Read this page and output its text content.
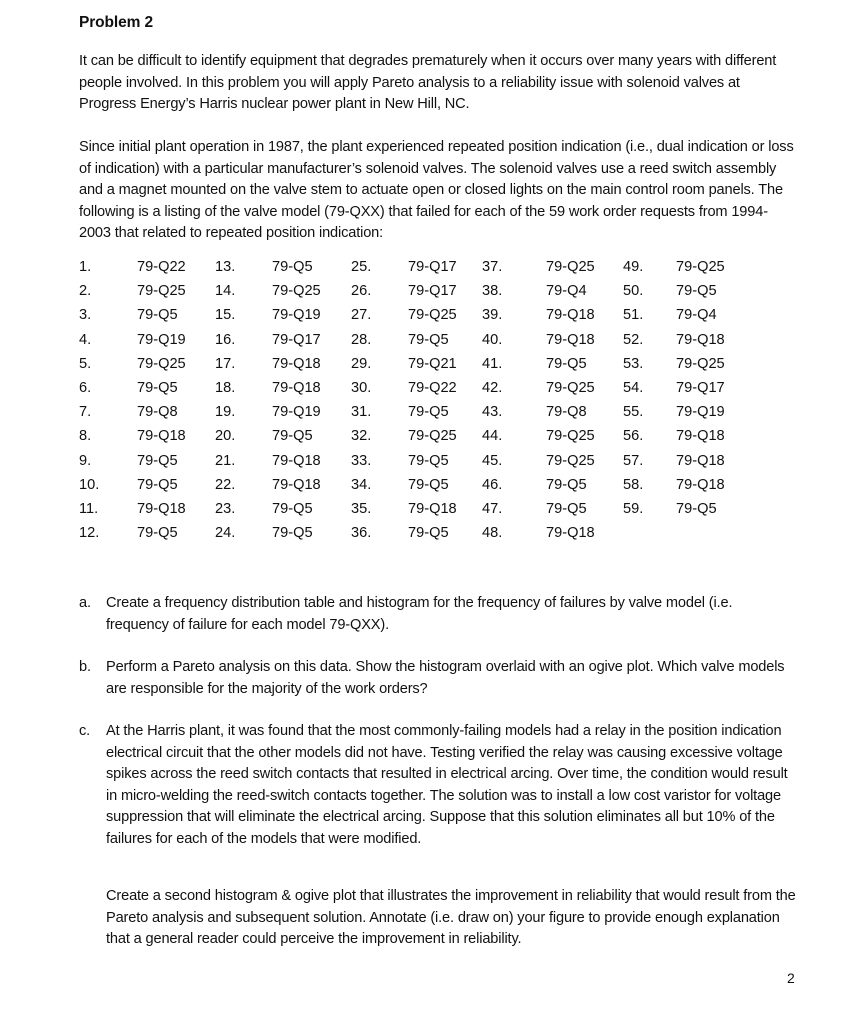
Problem 2

It can be difficult to identify equipment that degrades prematurely when it occurs over many years with different people involved. In this problem you will apply Pareto analysis to a reliability issue with solenoid valves at Progress Energy’s Harris nuclear power plant in New Hill, NC.

Since initial plant operation in 1987, the plant experienced repeated position indication (i.e., dual indication or loss of indication) with a particular manufacturer’s solenoid valves. The solenoid valves use a reed switch assembly and a magnet mounted on the valve stem to actuate open or closed lights on the main control room panels. The following is a listing of the valve model (79-QXX) that failed for each of the 59 work order requests from 1994-2003 that related to repeated position indication:

1.	79-Q22 13.	79-Q5	25.	79-Q17 37.	79-Q25 49. 79-Q25
2.	79-Q25 14.	79-Q25 26.	79-Q17 38.	79-Q4 50. 79-Q5
3.	79-Q5	15.	79-Q19 27.	79-Q25 39.	79-Q18 51. 79-Q4
4.	79-Q19 16.	79-Q17 28.	79-Q5 40.	79-Q18 52. 79-Q18
5.	79-Q25 17.	79-Q18 29.	79-Q21 41.	79-Q5 53. 79-Q25
6.	79-Q5	18.	79-Q18 30.	79-Q22 42.	79-Q25 54. 79-Q17
7.	79-Q8	19.	79-Q19 31.	79-Q5 43.	79-Q8 55. 79-Q19
8.	79-Q18 20.	79-Q5	32.	79-Q25 44.	79-Q25 56. 79-Q18
9.	79-Q5	21.	79-Q18 33.	79-Q5 45.	79-Q25 57. 79-Q18
10.	79-Q5	22.	79-Q18 34.	79-Q5 46.	79-Q5 58. 79-Q18
11.	79-Q18 23.	79-Q5	35.	79-Q18 47.	79-Q5 59. 79-Q5
12.	79-Q5	24.	79-Q5	36.	79-Q5 48.	79-Q18
a. Create a frequency distribution table and histogram for the frequency of failures by valve model (i.e. frequency of failure for each model 79-QXX).
b. Perform a Pareto analysis on this data. Show the histogram overlaid with an ogive plot. Which valve models are responsible for the majority of the work orders?
c. At the Harris plant, it was found that the most commonly-failing models had a relay in the position indication electrical circuit that the other models did not have. Testing verified the relay was causing excessive voltage spikes across the reed switch contacts that resulted in electrical arcing. Over time, the condition would result in micro-welding the reed-switch contacts together. The solution was to install a low cost varistor for voltage suppression that will eliminate the electrical arcing. Suppose that this solution eliminates all but 10% of the failures for each of the models that were modified.
Create a second histogram & ogive plot that illustrates the improvement in reliability that would result from the Pareto analysis and subsequent solution. Annotate (i.e. draw on) your figure to provide enough explanation that a general reader could perceive the improvement in reliability.
2
